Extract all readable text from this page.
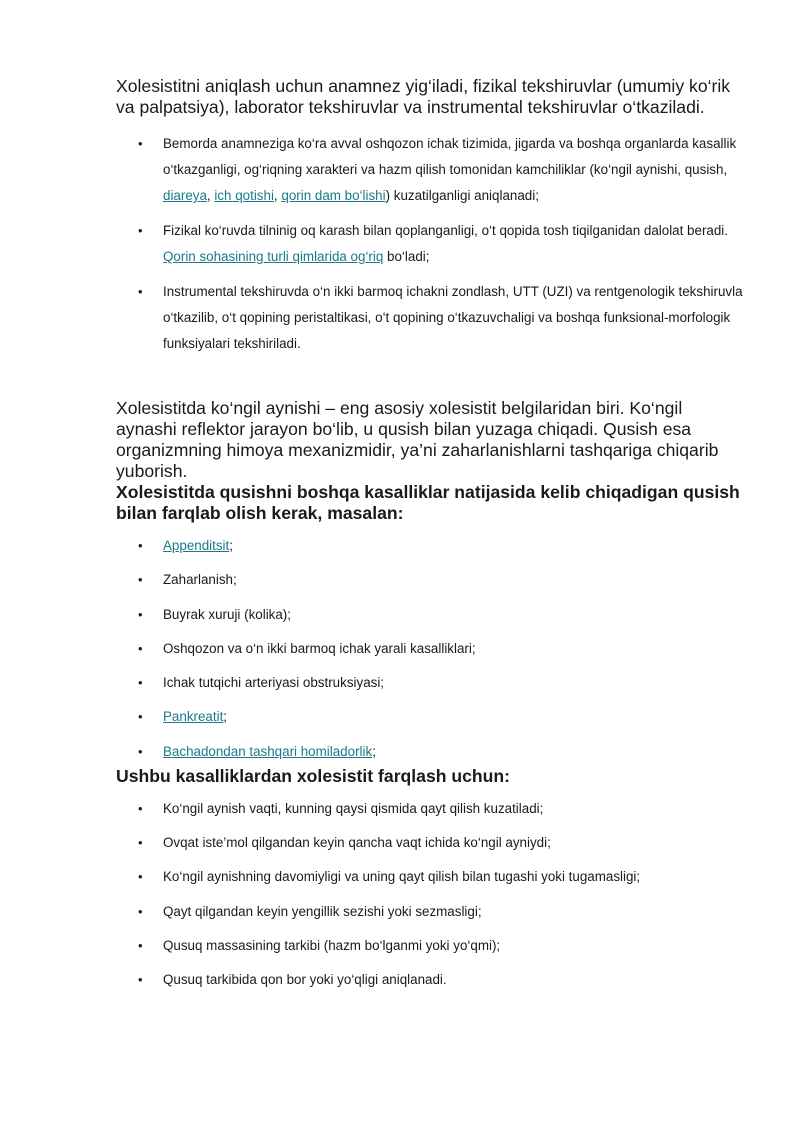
Xolesistitni aniqlash uchun anamnez yig‘iladi, fizikal tekshiruvlar (umumiy ko‘rik va palpatsiya), laborator tekshiruvlar va instrumental tekshiruvlar o‘tkaziladi.

• Bemorda anamneziga ko‘ra avval oshqozon ichak tizimida, jigarda va boshqa organlarda kasallik o‘tkazganligi, og‘riqning xarakteri va hazm qilish tomonidan kamchiliklar (ko‘ngil aynishi, qusish, diareya, ich qotishi, qorin dam bo‘lishi) kuzatilganligi aniqlanadi;
• Fizikal ko‘ruvda tilninig oq karash bilan qoplanganligi, o‘t qopida tosh tiqilganidan dalolat beradi. Qorin sohasining turli qimlarida og‘riq bo‘ladi;
• Instrumental tekshiruvda o‘n ikki barmoq ichakni zondlash, UTT (UZI) va rentgenologik tekshiruvla o‘tkazilib, o‘t qopining peristaltikasi, o‘t qopining o‘tkazuvchaligi va boshqa funksional-morfologik funksiyalari tekshiriladi.

Xolesistitda ko‘ngil aynishi – eng asosiy xolesistit belgilaridan biri. Ko‘ngil aynashi reflektor jarayon bo‘lib, u qusish bilan yuzaga chiqadi. Qusish esa organizmning himoya mexanizmidir, ya’ni zaharlanishlarni tashqariga chiqarib yuborish.

Xolesistitda qusishni boshqa kasalliklar natijasida kelib chiqadigan qusish bilan farqlab olish kerak, masalan:

• Appenditsit;
• Zaharlanish;
• Buyrak xuruji (kolika);
• Oshqozon va o‘n ikki barmoq ichak yarali kasalliklari;
• Ichak tutqichi arteriyasi obstruksiyasi;
• Pankreatit;
• Bachadondan tashqari homiladorlik;

Ushbu kasalliklardan xolesistit farqlash uchun:

• Ko‘ngil aynish vaqti, kunning qaysi qismida qayt qilish kuzatiladi;
• Ovqat iste’mol qilgandan keyin qancha vaqt ichida ko‘ngil ayniydi;
• Ko‘ngil aynishning davomiyligi va uning qayt qilish bilan tugashi yoki tugamasligi;
• Qayt qilgandan keyin yengillik sezishi yoki sezmasligi;
• Qusuq massasining tarkibi (hazm bo‘lganmi yoki yo‘qmi);
• Qusuq tarkibida qon bor yoki yo‘qligi aniqlanadi.
